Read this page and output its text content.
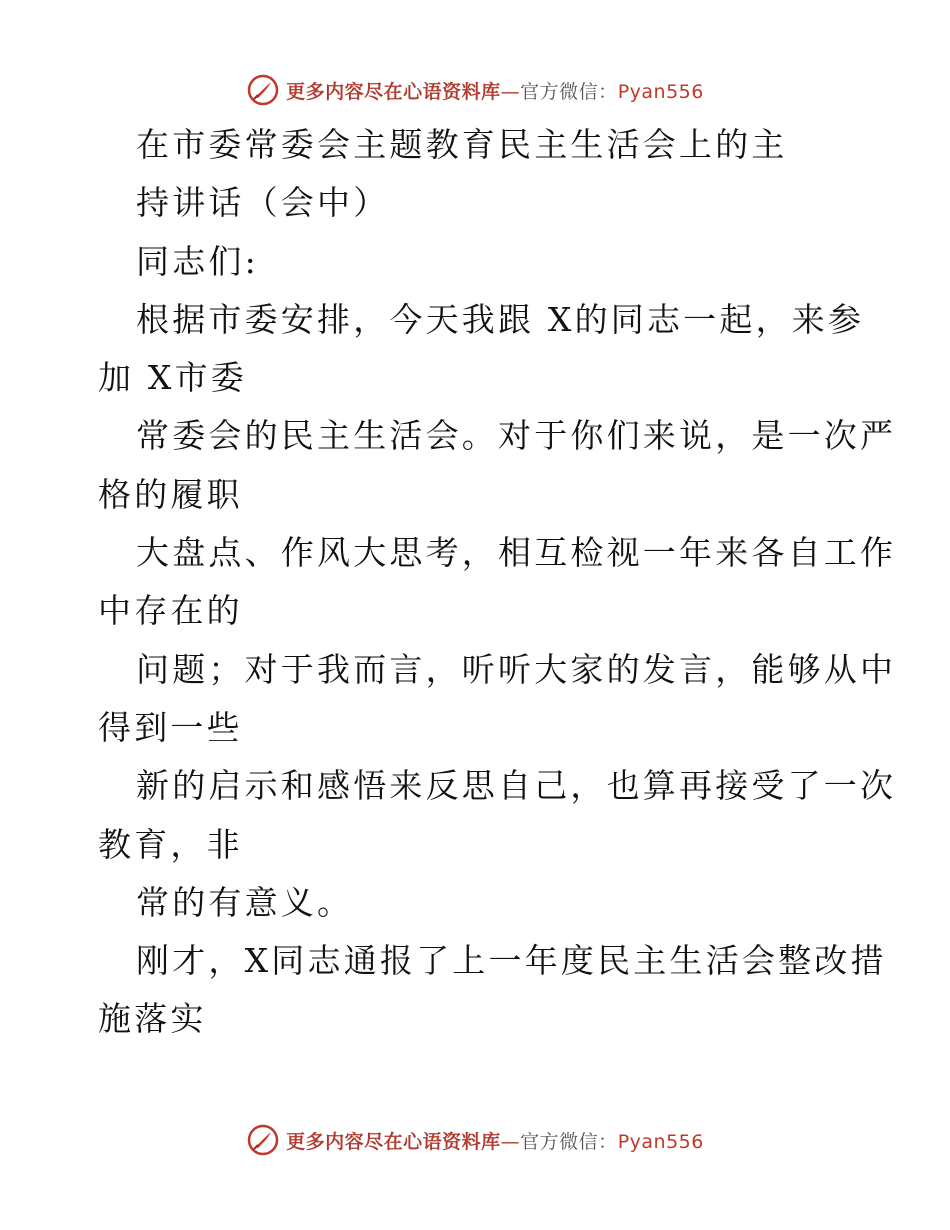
更多内容尽在心语资料库—官方微信：Pyan556
在市委常委会主题教育民主生活会上的主
持讲话（会中）
同志们:
根据市委安排，今天我跟 X的同志一起，来参
加 X市委
常委会的民主生活会。对于你们来说，是一次严
格的履职
大盘点、作风大思考，相互检视一年来各自工作
中存在的
问题；对于我而言，听听大家的发言，能够从中
得到一些
新的启示和感悟来反思自己，也算再接受了一次
教育，非
常的有意义。
刚才，X同志通报了上一年度民主生活会整改措
施落实
更多内容尽在心语资料库—官方微信：Pyan556
